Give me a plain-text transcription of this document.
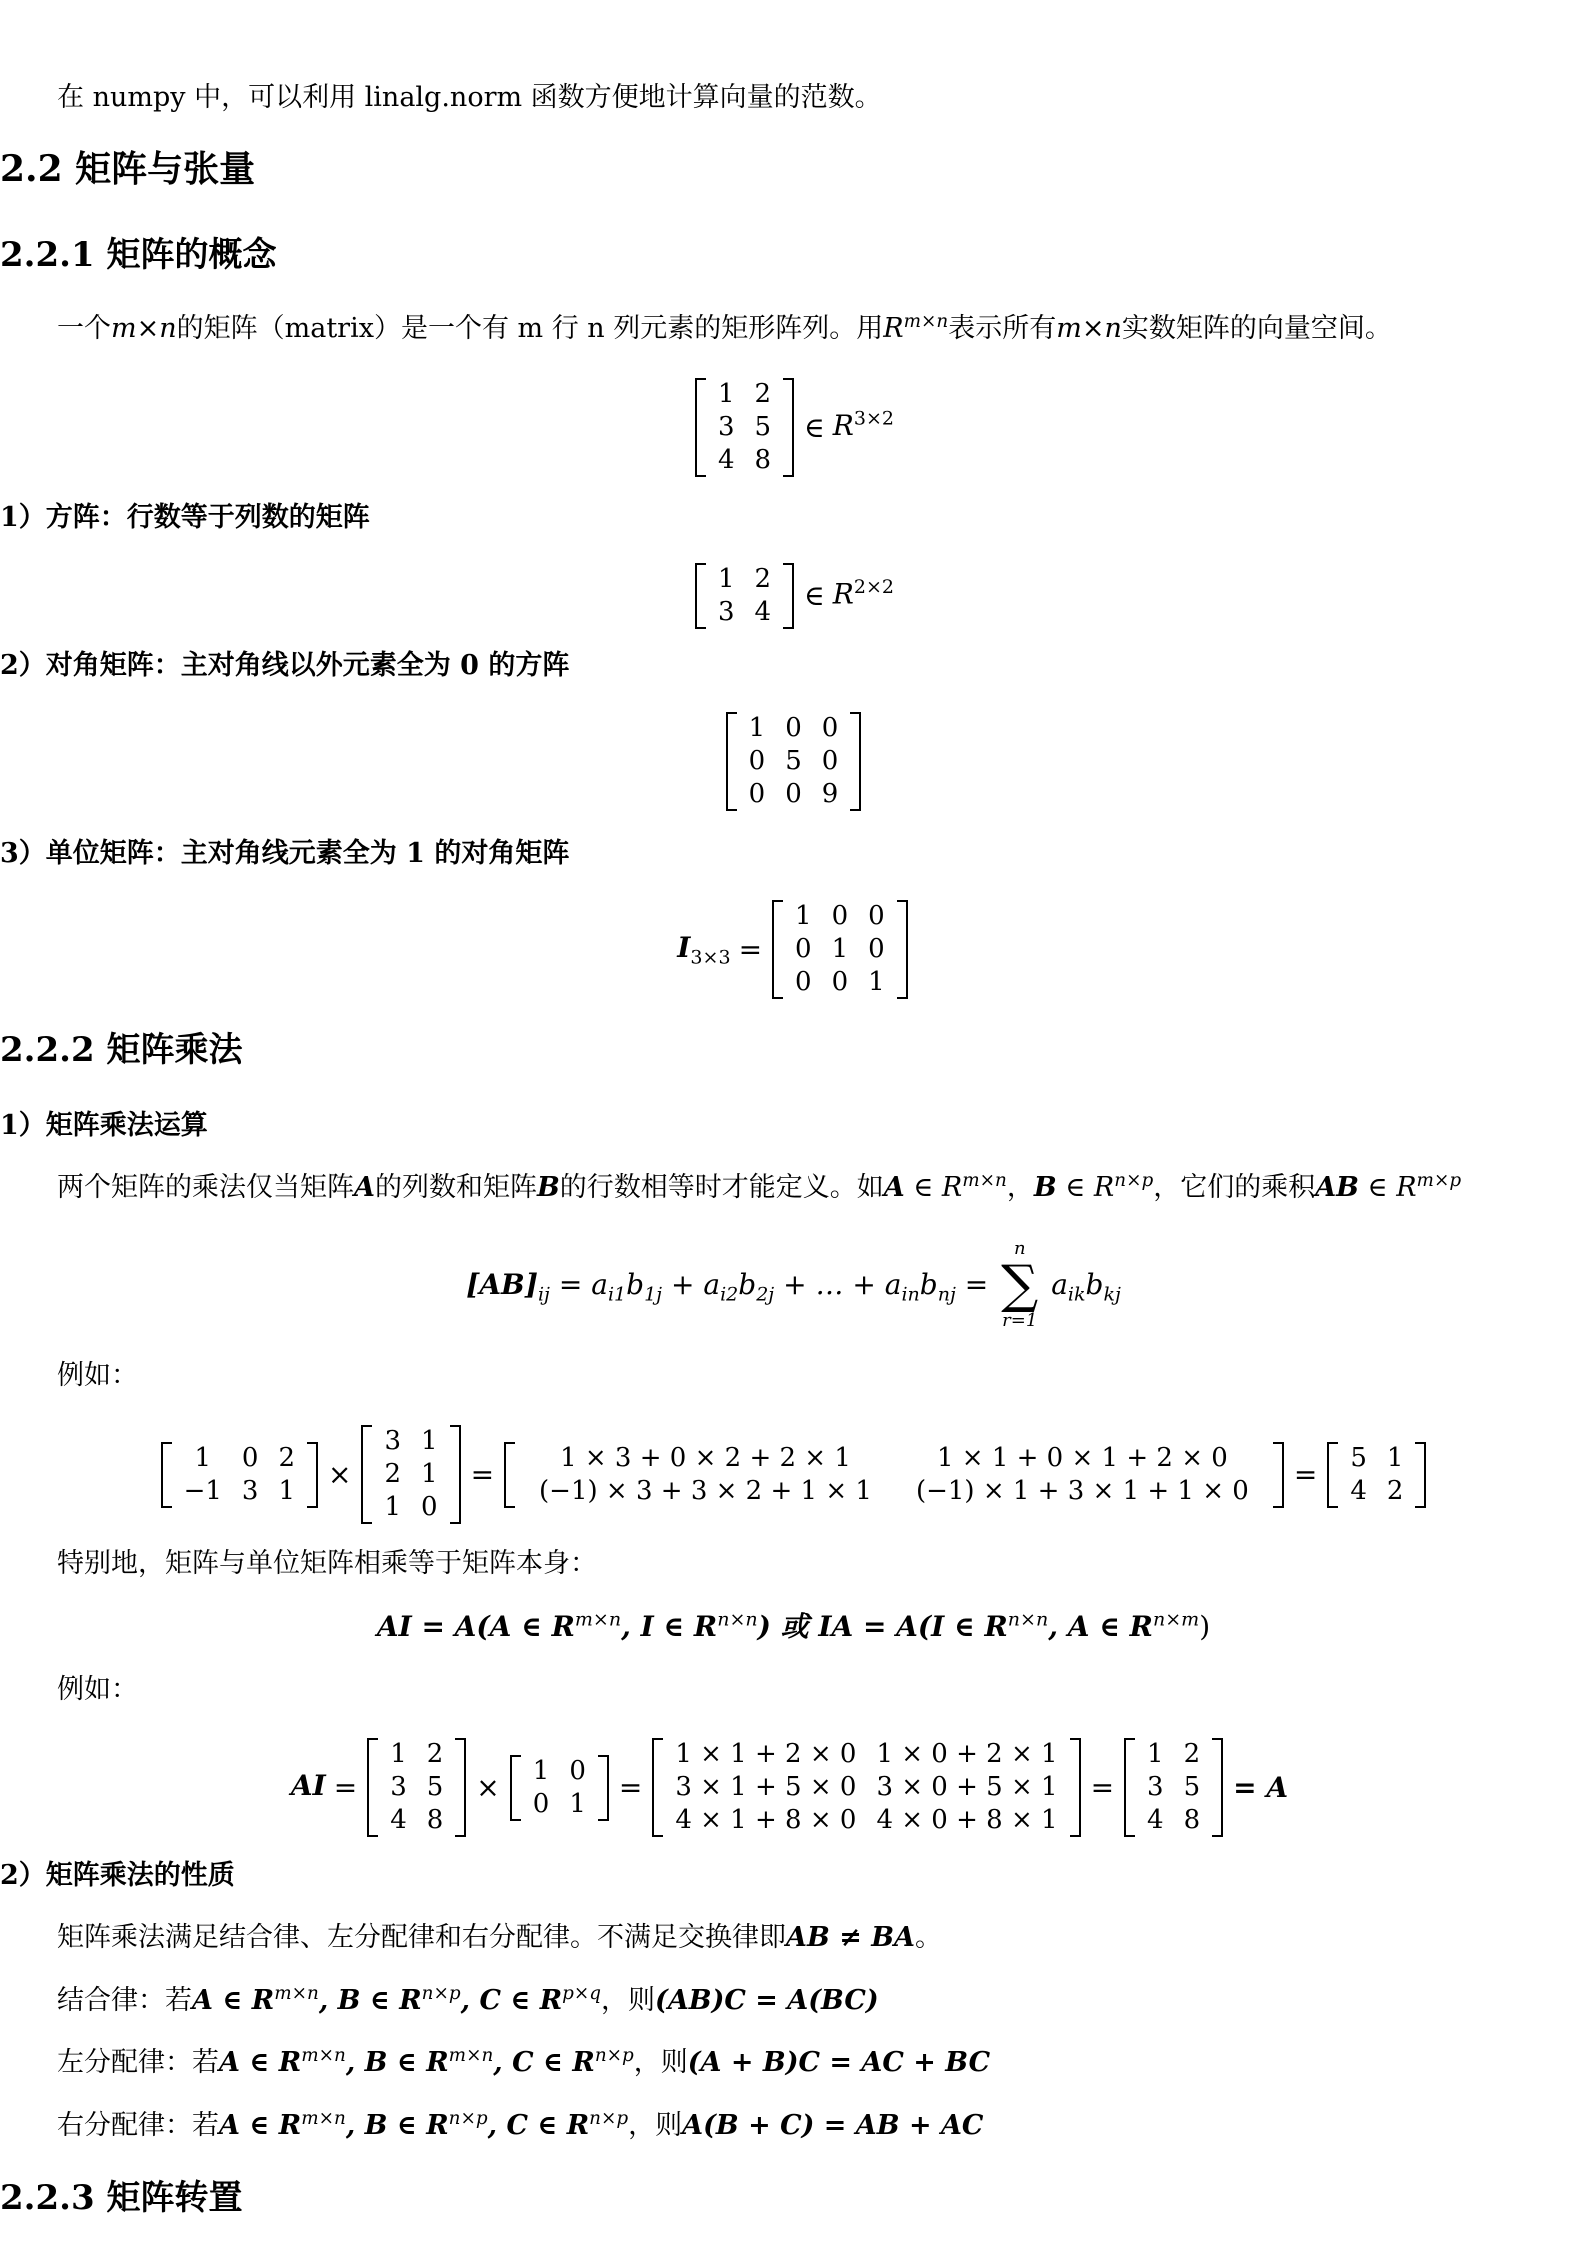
在 numpy 中，可以利用 linalg.norm 函数方便地计算向量的范数。
2.2 矩阵与张量
2.2.1 矩阵的概念
一个m×n的矩阵（matrix）是一个有 m 行 n 列元素的矩形阵列。用$R^{m\times n}$表示所有m×n实数矩阵的向量空间。
1	2
3	5
4	8
∈ $R^{3\times 2}$
1）方阵：行数等于列数的矩阵
1	2
3	4 ∈ $R^{2\times 2}$
2）对角矩阵：主对角线以外元素全为 0 的方阵
1	0	0
0	5	0
0	0	9
3）单位矩阵：主对角线元素全为 1 的对角矩阵
$I_{3\times 3}$ =
1	0	0
0	1	0
0	0	1
2.2.2 矩阵乘法
1）矩阵乘法运算
两个矩阵的乘法仅当矩阵A的列数和矩阵B的行数相等时才能定义。如A ∈ $R^{m\times n}$，B ∈ $R^{n\times p}$，它们的乘积AB ∈ $R^{m\times p}$
$[AB]_{ij} = a_{i1}b_{1j} + a_{i2}b_{2j}$ + … + $a_{in}b_{nj}$ =
n
∑
r=1
$a_{ik}b_{kj}$
例如：
1	0	2
−1	3	1 ×
3	1
2	1
1	0
=
1 × 3 + 0 × 2 + 2 × 1	1 × 1 + 0 × 1 + 2 × 0
(−1) × 3 + 3 × 2 + 1 × 1	(−1) × 1 + 3 × 1 + 1 × 0 =
5	1
4	2
特别地，矩阵与单位矩阵相乘等于矩阵本身：
AI = A(A ∈ $R^{m\times n}$, I ∈ $R^{n\times n}$) 或 IA = A(I ∈ $R^{n\times n}$, A ∈ $R^{n\times m}$)
例如：
AI =
1	2
3	5
4	8
×
1	0
0	1 =
1 × 1 + 2 × 0	1 × 0 + 2 × 1
3 × 1 + 5 × 0	3 × 0 + 5 × 1
4 × 1 + 8 × 0	4 × 0 + 8 × 1
=
1	2
3	5
4	8
= A
2）矩阵乘法的性质
矩阵乘法满足结合律、左分配律和右分配律。不满足交换律即AB ≠ BA。
结合律：若A ∈ $R^{m\times n}$, B ∈ $R^{n\times p}$, C ∈ $R^{p\times q}$，则(AB)C = A(BC)
左分配律：若A ∈ $R^{m\times n}$, B ∈ $R^{m\times n}$, C ∈ $R^{n\times p}$，则(A + B)C = AC + BC
右分配律：若A ∈ $R^{m\times n}$, B ∈ $R^{n\times p}$, C ∈ $R^{n\times p}$，则A(B + C) = AB + AC
2.2.3 矩阵转置
